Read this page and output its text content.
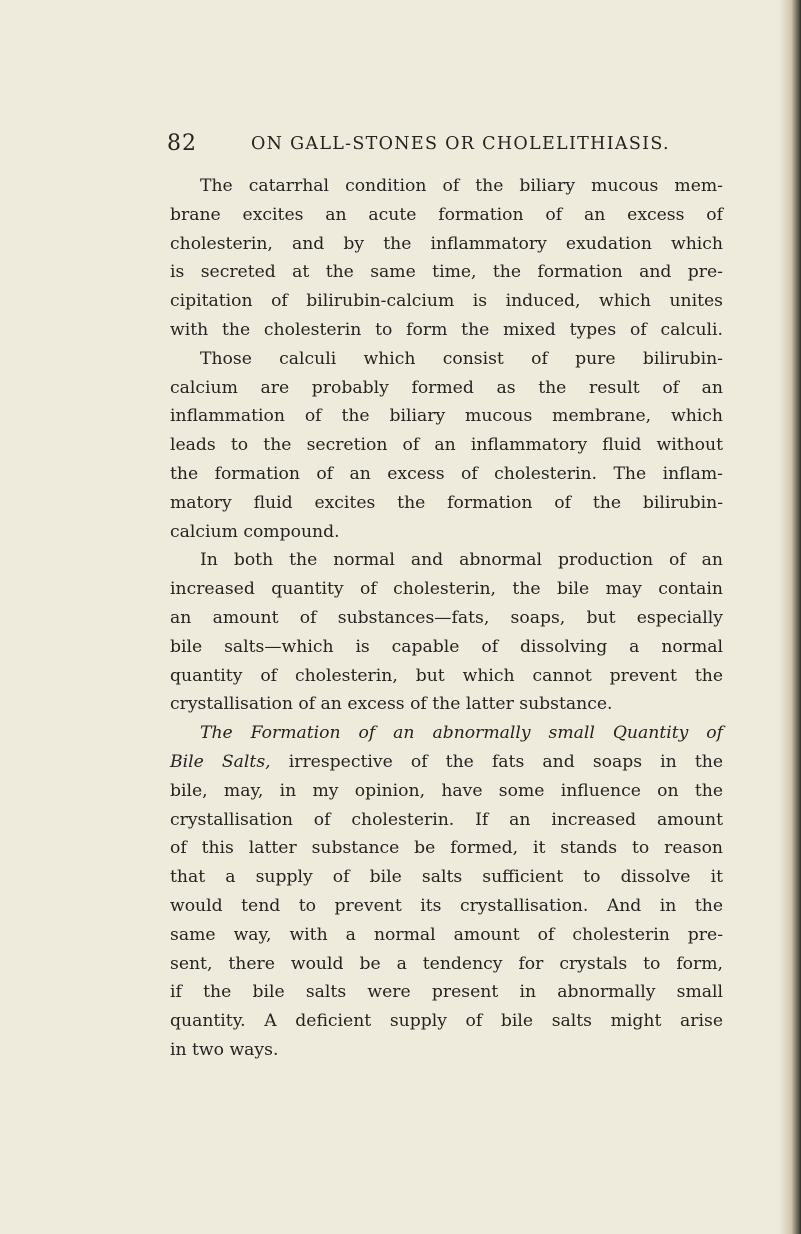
82	ON GALL-STONES OR CHOLELITHIASIS.
The catarrhal condition of the biliary mucous mem-
brane excites an acute formation of an excess of
cholesterin, and by the inflammatory exudation which
is secreted at the same time, the formation and pre-
cipitation of bilirubin-calcium is induced, which unites
with the cholesterin to form the mixed types of calculi.
Those calculi which consist of pure bilirubin-
calcium are probably formed as the result of an
inflammation of the biliary mucous membrane, which
leads to the secretion of an inflammatory fluid without
the formation of an excess of cholesterin. The inflam-
matory fluid excites the formation of the bilirubin-
calcium compound.
In both the normal and abnormal production of an
increased quantity of cholesterin, the bile may contain
an amount of substances—fats, soaps, but especially
bile salts—which is capable of dissolving a normal
quantity of cholesterin, but which cannot prevent the
crystallisation of an excess of the latter substance.
The Formation of an abnormally small Quantity of
Bile Salts, irrespective of the fats and soaps in the
bile, may, in my opinion, have some influence on the
crystallisation of cholesterin. If an increased amount
of this latter substance be formed, it stands to reason
that a supply of bile salts sufficient to dissolve it
would tend to prevent its crystallisation. And in the
same way, with a normal amount of cholesterin pre-
sent, there would be a tendency for crystals to form,
if the bile salts were present in abnormally small
quantity. A deficient supply of bile salts might arise
in two ways.
